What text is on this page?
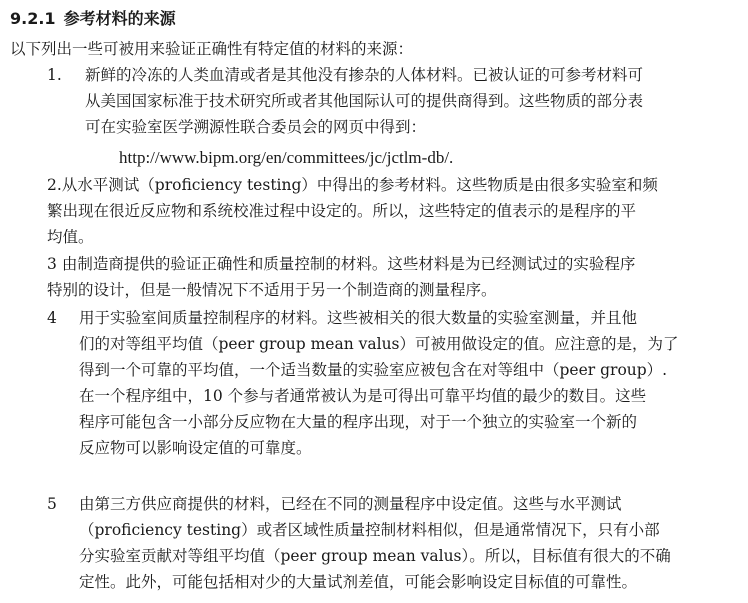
9.2.1 参考材料的来源
以下列出一些可被用来验证正确性有特定值的材料的来源：
1. 新鲜的冷冻的人类血清或者是其他没有掺杂的人体材料。已被认证的可参考材料可
从美国国家标准于技术研究所或者其他国际认可的提供商得到。这些物质的部分表
可在实验室医学溯源性联合委员会的网页中得到：
http://www.bipm.org/en/committees/jc/jctlm-db/.
2.从水平测试（proficiency testing）中得出的参考材料。这些物质是由很多实验室和频
繁出现在很近反应物和系统校准过程中设定的。所以，这些特定的值表示的是程序的平
均值。
3 由制造商提供的验证正确性和质量控制的材料。这些材料是为已经测试过的实验程序
特别的设计，但是一般情况下不适用于另一个制造商的测量程序。
4 用于实验室间质量控制程序的材料。这些被相关的很大数量的实验室测量，并且他
们的对等组平均值（peer group mean valus）可被用做设定的值。应注意的是，为了
得到一个可靠的平均值，一个适当数量的实验室应被包含在对等组中（peer group）.
在一个程序组中，10 个参与者通常被认为是可得出可靠平均值的最少的数目。这些
程序可能包含一小部分反应物在大量的程序出现，对于一个独立的实验室一个新的
反应物可以影响设定值的可靠度。
5 由第三方供应商提供的材料，已经在不同的测量程序中设定值。这些与水平测试
（proficiency testing）或者区域性质量控制材料相似，但是通常情况下，只有小部
分实验室贡献对等组平均值（peer group mean valus）。所以，目标值有很大的不确
定性。此外，可能包括相对少的大量试剂差值，可能会影响设定目标值的可靠性。
